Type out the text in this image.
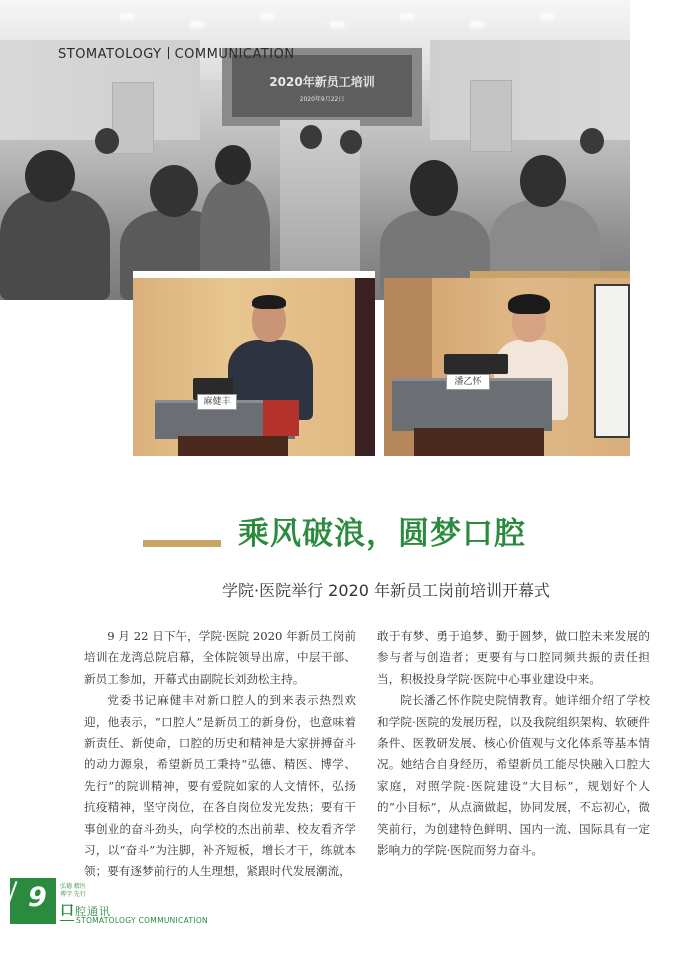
2020年新员工培训
2020年9月22日
STOMATOLOGY COMMUNICATION
麻健丰
潘乙怀
乘风破浪，圆梦口腔
学院·医院举行 2020 年新员工岗前培训开幕式

9 月 22 日下午，学院·医院 2020 年新员工岗前培训在龙湾总院启幕，全体院领导出席，中层干部、新员工参加，开幕式由副院长刘劲松主持。

党委书记麻健丰对新口腔人的到来表示热烈欢迎，他表示，“口腔人”是新员工的新身份，也意味着新责任、新使命，口腔的历史和精神是大家拼搏奋斗的动力源泉，希望新员工秉持“弘德、精医、博学、先行”的院训精神，要有爱院如家的人文情怀，弘扬抗疫精神，坚守岗位，在各自岗位发光发热；要有干事创业的奋斗劲头，向学校的杰出前辈、校友看齐学习，以“奋斗”为注脚，补齐短板，增长才干，练就本领；要有逐梦前行的人生理想，紧跟时代发展潮流，

敢于有梦、勇于追梦、勤于圆梦，做口腔未来发展的参与者与创造者；更要有与口腔同频共振的责任担当，积极投身学院·医院中心事业建设中来。

院长潘乙怀作院史院情教育。她详细介绍了学校和学院·医院的发展历程，以及我院组织架构、软硬件条件、医教研发展、核心价值观与文化体系等基本情况。她结合自身经历，希望新员工能尽快融入口腔大家庭，对照学院·医院建设“大目标”，规划好个人的“小目标”，从点滴做起，协同发展，不忘初心，微笑前行，为创建特色鲜明、国内一流、国际具有一定影响力的学院·医院而努力奋斗。

9 弘德 精医
博学 先行
口腔通讯
STOMATOLOGY COMMUNICATION
